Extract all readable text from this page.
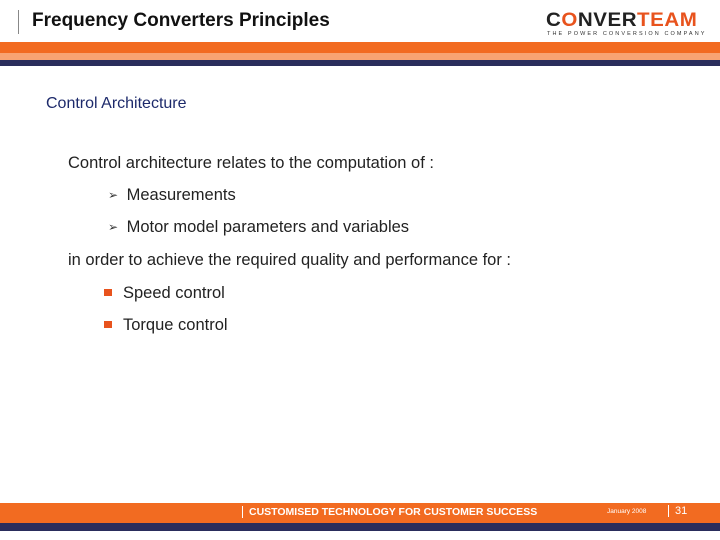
Frequency Converters Principles	CONVERTEAM
THE POWER CONVERSION COMPANY
Control Architecture
Control architecture relates to the computation of :
➢ Measurements
➢ Motor model parameters and variables
in order to achieve the required quality and performance for :
Speed control
Torque control
CUSTOMISED TECHNOLOGY FOR CUSTOMER SUCCESS	January 2008	31
